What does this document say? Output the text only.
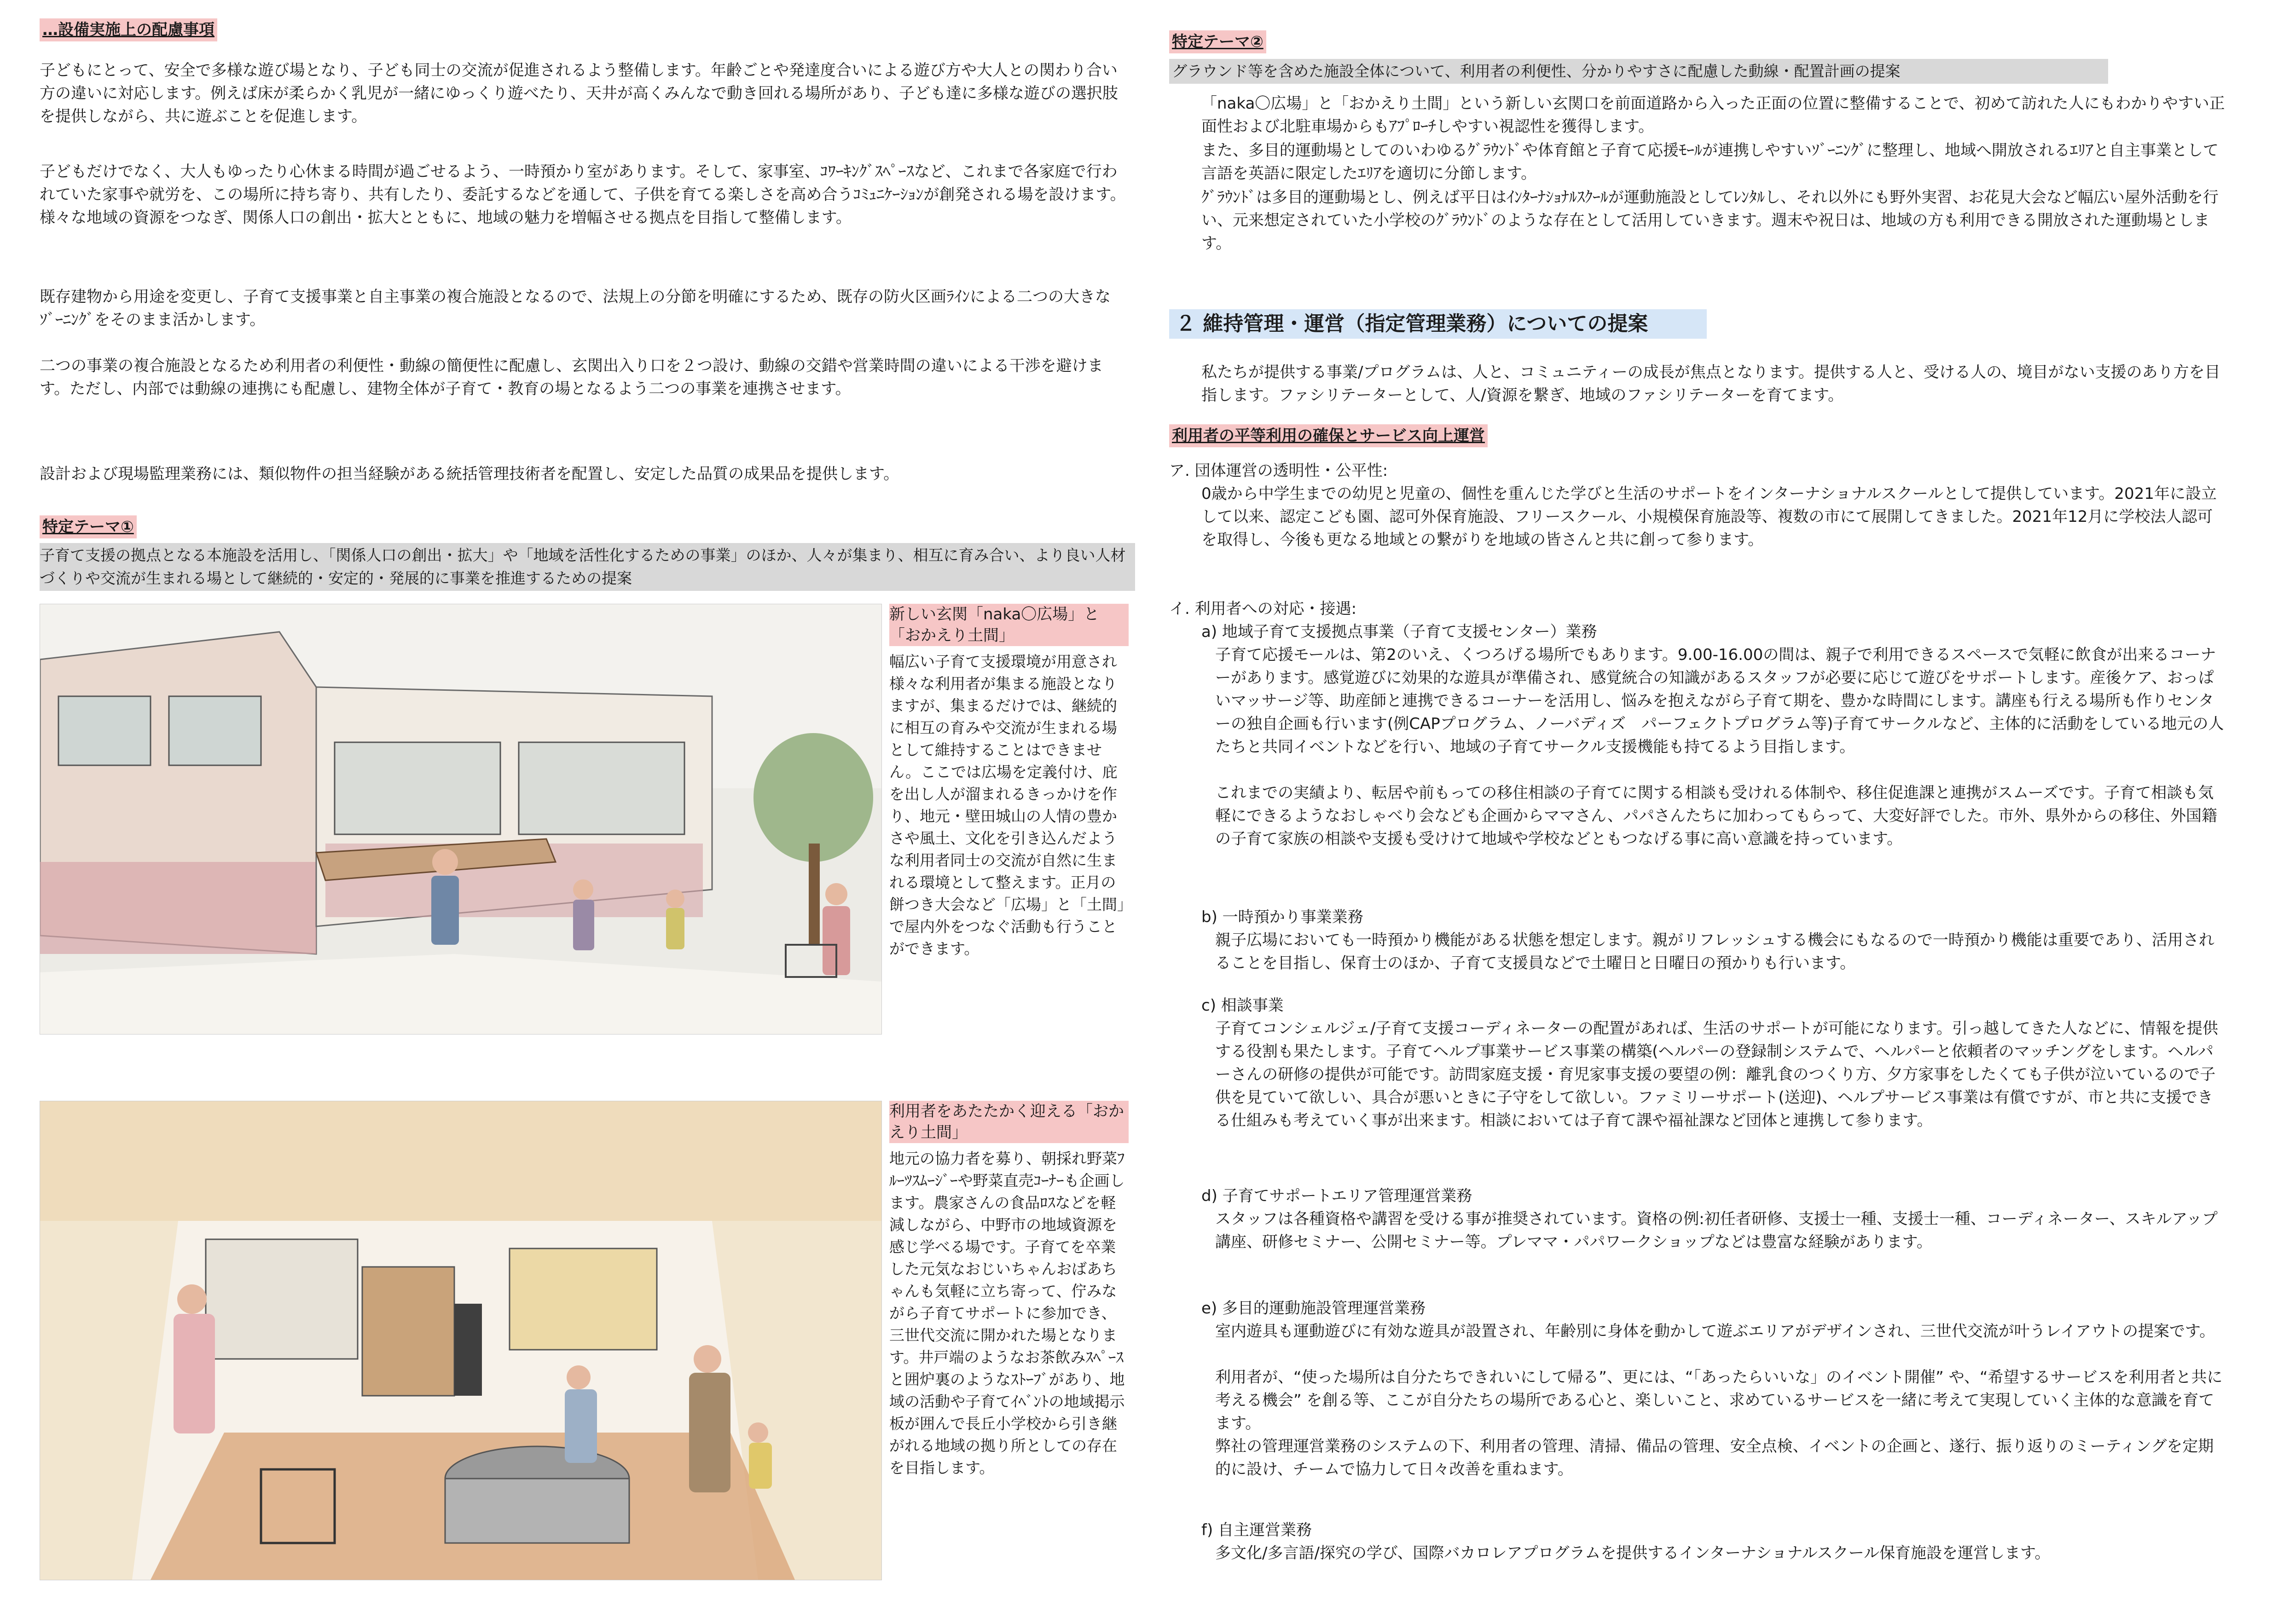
…設備実施上の配慮事項

子どもにとって、安全で多様な遊び場となり、子ども同士の交流が促進されるよう整備します。年齢ごとや発達度合いによる遊び方や大人との関わり合い方の違いに対応します。例えば床が柔らかく乳児が一緒にゆっくり遊べたり、天井が高くみんなで動き回れる場所があり、子ども達に多様な遊びの選択肢を提供しながら、共に遊ぶことを促進します。

子どもだけでなく、大人もゆったり心休まる時間が過ごせるよう、一時預かり室があります。そして、家事室、ｺﾜｰｷﾝｸﾞｽﾍﾟｰｽなど、これまで各家庭で行われていた家事や就労を、この場所に持ち寄り、共有したり、委託するなどを通して、子供を育てる楽しさを高め合うｺﾐｭﾆｹｰｼｮﾝが創発される場を設けます。様々な地域の資源をつなぎ、関係人口の創出・拡大とともに、地域の魅力を増幅させる拠点を目指して整備します。

既存建物から用途を変更し、子育て支援事業と自主事業の複合施設となるので、法規上の分節を明確にするため、既存の防火区画ﾗｲﾝによる二つの大きなｿﾞｰﾆﾝｸﾞをそのまま活かします。

二つの事業の複合施設となるため利用者の利便性・動線の簡便性に配慮し、玄関出入り口を２つ設け、動線の交錯や営業時間の違いによる干渉を避けます。ただし、内部では動線の連携にも配慮し、建物全体が子育て・教育の場となるよう二つの事業を連携させます。

設計および現場監理業務には、類似物件の担当経験がある統括管理技術者を配置し、安定した品質の成果品を提供します。

特定テーマ①

子育て支援の拠点となる本施設を活用し、「関係人口の創出・拡大」や「地域を活性化するための事業」のほか、人々が集まり、相互に育み合い、より良い人材づくりや交流が生まれる場として継続的・安定的・発展的に事業を推進するための提案

新しい玄関「naka〇広場」と「おかえり土間」
幅広い子育て支援環境が用意され様々な利用者が集まる施設となりますが、集まるだけでは、継続的に相互の育みや交流が生まれる場として維持することはできません。ここでは広場を定義付け、庇を出し人が溜まれるきっかけを作り、地元・壁田城山の人情の豊かさや風土、文化を引き込んだような利用者同士の交流が自然に生まれる環境として整えます。正月の餅つき大会など「広場」と「土間」で屋内外をつなぐ活動も行うことができます。
利用者をあたたかく迎える「おかえり土間」
地元の協力者を募り、朝採れ野菜ﾌﾙｰﾂｽﾑｰｼﾞｰや野菜直売ｺｰﾅｰも企画します。農家さんの食品ﾛｽなどを軽減しながら、中野市の地域資源を感じ学べる場です。子育てを卒業した元気なおじいちゃんおばあちゃんも気軽に立ち寄って、佇みながら子育てサポートに参加でき、三世代交流に開かれた場となります。井戸端のようなお茶飲みｽﾍﾟｰｽと囲炉裏のようなｽﾄｰﾌﾞがあり、地域の活動や子育てｲﾍﾞﾝﾄの地域掲示板が囲んで長丘小学校から引き継がれる地域の拠り所としての存在を目指します。
特定テーマ②

グラウンド等を含めた施設全体について、利用者の利便性、分かりやすさに配慮した動線・配置計画の提案

「naka〇広場」と「おかえり土間」という新しい玄関口を前面道路から入った正面の位置に整備することで、初めて訪れた人にもわかりやすい正面性および北駐車場からもｱﾌﾟﾛｰﾁしやすい視認性を獲得します。

また、多目的運動場としてのいわゆるｸﾞﾗｳﾝﾄﾞや体育館と子育て応援ﾓｰﾙが連携しやすいｿﾞｰﾆﾝｸﾞに整理し、地域へ開放されるｴﾘｱと自主事業として言語を英語に限定したｴﾘｱを適切に分節します。

ｸﾞﾗｳﾝﾄﾞは多目的運動場とし、例えば平日はｲﾝﾀｰﾅｼｮﾅﾙｽｸｰﾙが運動施設としてﾚﾝﾀﾙし、それ以外にも野外実習、お花見大会など幅広い屋外活動を行い、元来想定されていた小学校のｸﾞﾗｳﾝﾄﾞのような存在として活用していきます。週末や祝日は、地域の方も利用できる開放された運動場とします。

２ 維持管理・運営（指定管理業務）についての提案

私たちが提供する事業/プログラムは、人と、コミュニティーの成長が焦点となります。提供する人と、受ける人の、境目がない支援のあり方を目指します。ファシリテーターとして、人/資源を繋ぎ、地域のファシリテーターを育てます。

利用者の平等利用の確保とサービス向上運営

ア. 団体運営の透明性・公平性:

0歳から中学生までの幼児と児童の、個性を重んじた学びと生活のサポートをインターナショナルスクールとして提供しています。2021年に設立して以来、認定こども園、認可外保育施設、フリースクール、小規模保育施設等、複数の市にて展開してきました。2021年12月に学校法人認可を取得し、今後も更なる地域との繋がりを地域の皆さんと共に創って参ります。

イ. 利用者への対応・接遇:

a) 地域子育て支援拠点事業（子育て支援センター）業務

子育て応援モールは、第2のいえ、くつろげる場所でもあります。9.00-16.00の間は、親子で利用できるスペースで気軽に飲食が出来るコーナーがあります。感覚遊びに効果的な遊具が準備され、感覚統合の知識があるスタッフが必要に応じて遊びをサポートします。産後ケア、おっぱいマッサージ等、助産師と連携できるコーナーを活用し、悩みを抱えながら子育て期を、豊かな時間にします。講座も行える場所も作りセンターの独自企画も行います(例CAPプログラム、ノーバディズ　パーフェクトプログラム等)子育てサークルなど、主体的に活動をしている地元の人たちと共同イベントなどを行い、地域の子育てサークル支援機能も持てるよう目指します。

これまでの実績より、転居や前もっての移住相談の子育てに関する相談も受けれる体制や、移住促進課と連携がスムーズです。子育て相談も気軽にできるようなおしゃべり会なども企画からママさん、パパさんたちに加わってもらって、大変好評でした。市外、県外からの移住、外国籍の子育て家族の相談や支援も受けけて地域や学校などともつなげる事に高い意識を持っています。

b) 一時預かり事業業務

親子広場においても一時預かり機能がある状態を想定します。親がリフレッシュする機会にもなるので一時預かり機能は重要であり、活用されることを目指し、保育士のほか、子育て支援員などで土曜日と日曜日の預かりも行います。

c) 相談事業

子育てコンシェルジェ/子育て支援コーディネーターの配置があれば、生活のサポートが可能になります。引っ越してきた人などに、情報を提供する役割も果たします。子育てヘルプ事業サービス事業の構築(ヘルパーの登録制システムで、ヘルパーと依頼者のマッチングをします。ヘルパーさんの研修の提供が可能です。訪問家庭支援・育児家事支援の要望の例：離乳食のつくり方、夕方家事をしたくても子供が泣いているので子供を見ていて欲しい、具合が悪いときに子守をして欲しい。ファミリーサポート(送迎)、ヘルプサービス事業は有償ですが、市と共に支援できる仕組みも考えていく事が出来ます。相談においては子育て課や福祉課など団体と連携して参ります。

d) 子育てサポートエリア管理運営業務

スタッフは各種資格や講習を受ける事が推奨されています。資格の例:初任者研修、支援士一種、支援士一種、コーディネーター、スキルアップ講座、研修セミナー、公開セミナー等。プレママ・パパワークショップなどは豊富な経験があります。

e) 多目的運動施設管理運営業務

室内遊具も運動遊びに有効な遊具が設置され、年齢別に身体を動かして遊ぶエリアがデザインされ、三世代交流が叶うレイアウトの提案です。

利用者が、“使った場所は自分たちできれいにして帰る”、更には、“「あったらいいな」のイベント開催” や、“希望するサービスを利用者と共に考える機会” を創る等、ここが自分たちの場所である心と、楽しいこと、求めているサービスを一緒に考えて実現していく主体的な意識を育てます。

弊社の管理運営業務のシステムの下、利用者の管理、清掃、備品の管理、安全点検、イベントの企画と、遂行、振り返りのミーティングを定期的に設け、チームで協力して日々改善を重ねます。

f) 自主運営業務

多文化/多言語/探究の学び、国際バカロレアプログラムを提供するインターナショナルスクール保育施設を運営します。
